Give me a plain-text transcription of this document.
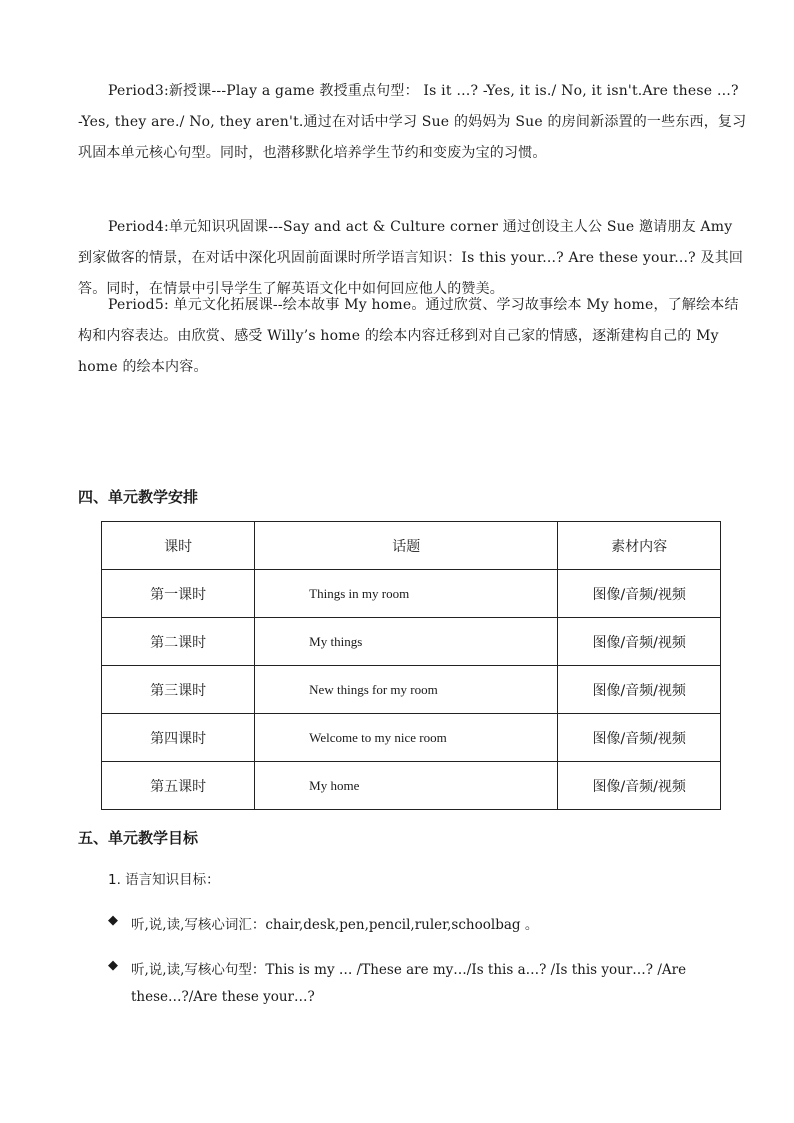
Period3:新授课---Play a game 教授重点句型： Is it …? -Yes, it is./ No, it isn't.Are these …? -Yes, they are./ No, they aren't.通过在对话中学习 Sue 的妈妈为 Sue 的房间新添置的一些东西，复习巩固本单元核心句型。同时，也潜移默化培养学生节约和变废为宝的习惯。

Period4:单元知识巩固课---Say and act & Culture corner 通过创设主人公 Sue 邀请朋友 Amy 到家做客的情景，在对话中深化巩固前面课时所学语言知识：Is this your...? Are these your...? 及其回答。同时，在情景中引导学生了解英语文化中如何回应他人的赞美。

Period5: 单元文化拓展课--绘本故事 My home。通过欣赏、学习故事绘本 My home，了解绘本结构和内容表达。由欣赏、感受 Willy’s home 的绘本内容迁移到对自己家的情感，逐渐建构自己的 My home 的绘本内容。

四、单元教学安排
课时	话题	素材内容
第一课时	Things in my room	图像/音频/视频
第二课时	My things	图像/音频/视频
第三课时	New things for my room	图像/音频/视频
第四课时	Welcome to my nice room	图像/音频/视频
第五课时	My home	图像/音频/视频
五、单元教学目标

1. 语言知识目标：

◆ 听,说,读,写核心词汇：chair,desk,pen,pencil,ruler,schoolbag 。

◆ 听,说,读,写核心句型：This is my … /These are my…/Is this a…? /Is this your…? /Are

these…?/Are these your…?
